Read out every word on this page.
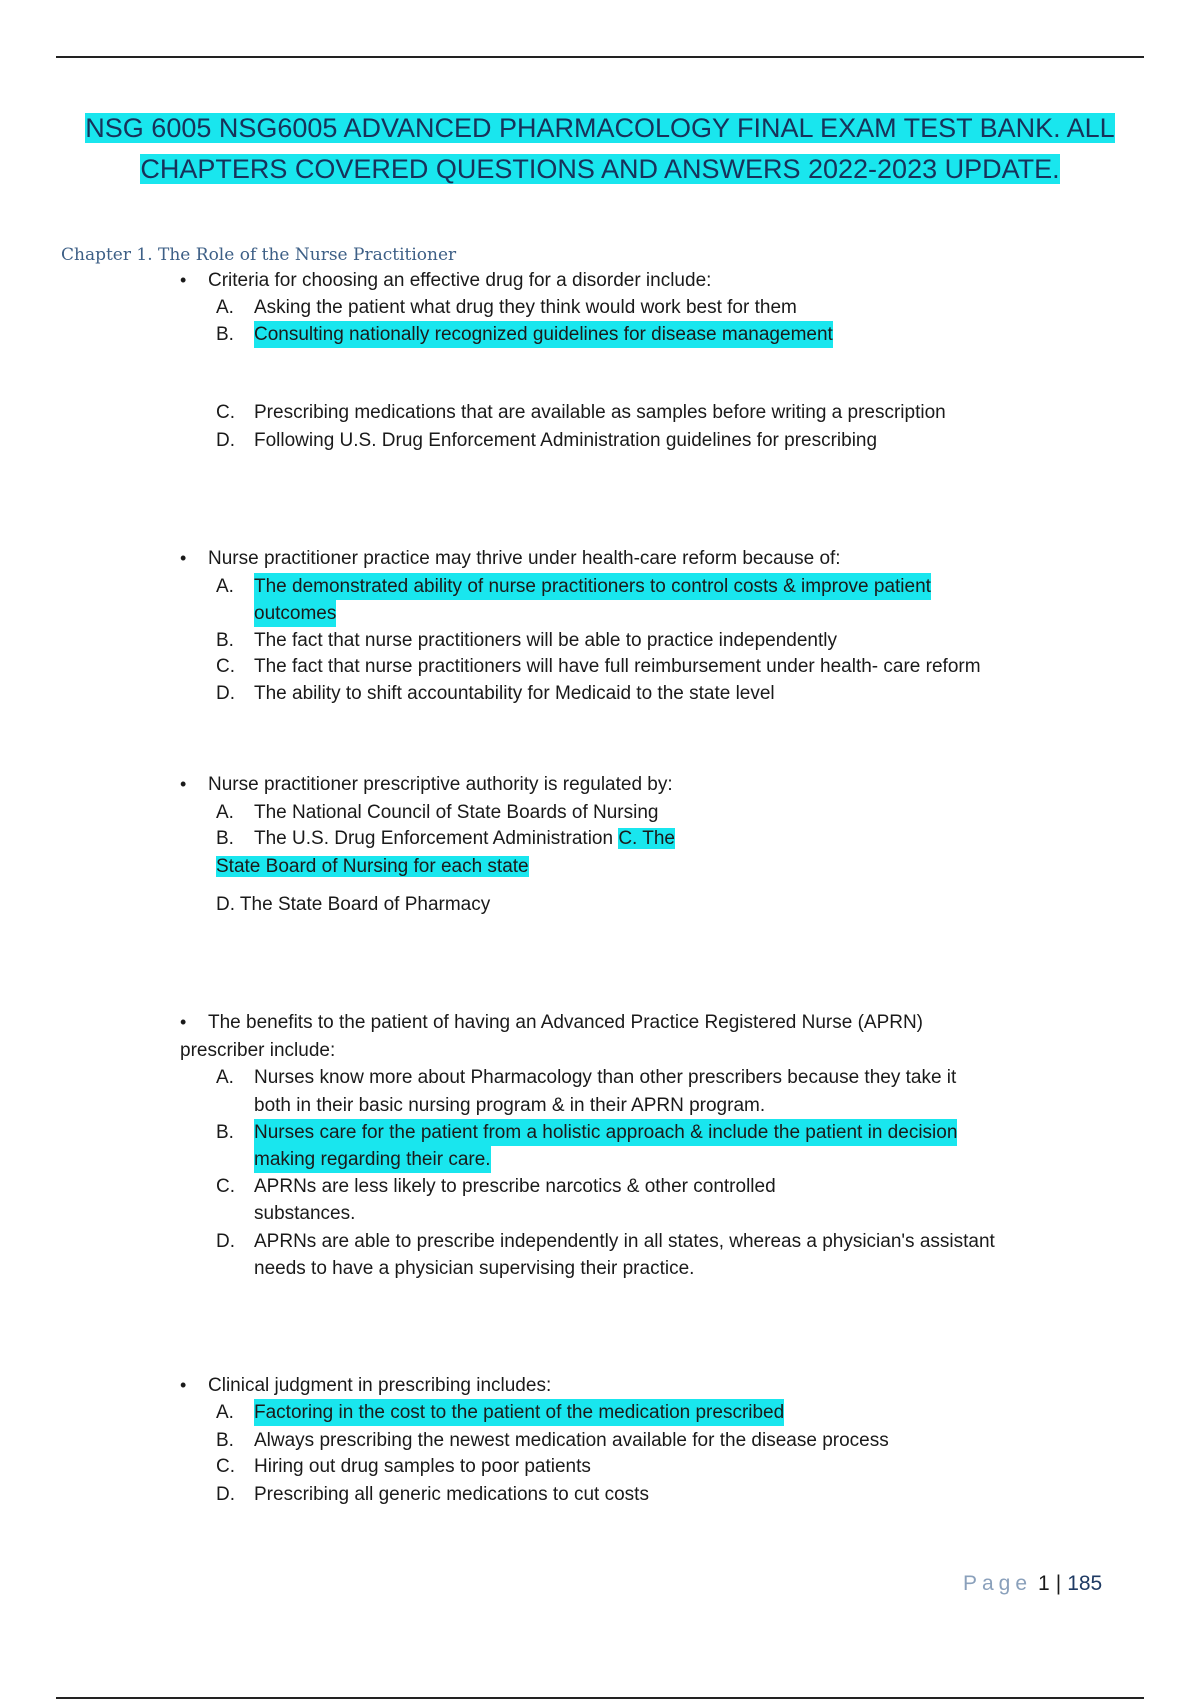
NSG 6005 NSG6005 ADVANCED PHARMACOLOGY FINAL EXAM TEST BANK. ALL
CHAPTERS COVERED QUESTIONS AND ANSWERS 2022-2023 UPDATE.
Chapter 1. The Role of the Nurse Practitioner
• Criteria for choosing an effective drug for a disorder include:
A.	Asking the patient what drug they think would work best for them
B.	Consulting nationally recognized guidelines for disease management
C.	Prescribing medications that are available as samples before writing a prescription
D.	Following U.S. Drug Enforcement Administration guidelines for prescribing
• Nurse practitioner practice may thrive under health-care reform because of:
A.	The demonstrated ability of nurse practitioners to control costs & improve patient
outcomes
B.	The fact that nurse practitioners will be able to practice independently
C.	The fact that nurse practitioners will have full reimbursement under health- care reform
D.	The ability to shift accountability for Medicaid to the state level
• Nurse practitioner prescriptive authority is regulated by:
A.	The National Council of State Boards of Nursing
B.	The U.S. Drug Enforcement Administration C. The
State Board of Nursing for each state
D. The State Board of Pharmacy
• The benefits to the patient of having an Advanced Practice Registered Nurse (APRN)
prescriber include:
A.	Nurses know more about Pharmacology than other prescribers because they take it
both in their basic nursing program & in their APRN program.
B.	Nurses care for the patient from a holistic approach & include the patient in decision
making regarding their care.
C.	APRNs are less likely to prescribe narcotics & other controlled
substances.
D.	APRNs are able to prescribe independently in all states, whereas a physician's assistant
needs to have a physician supervising their practice.
• Clinical judgment in prescribing includes:
A.	Factoring in the cost to the patient of the medication prescribed
B.	Always prescribing the newest medication available for the disease process
C.	Hiring out drug samples to poor patients
D.	Prescribing all generic medications to cut costs
Page 1 | 185
